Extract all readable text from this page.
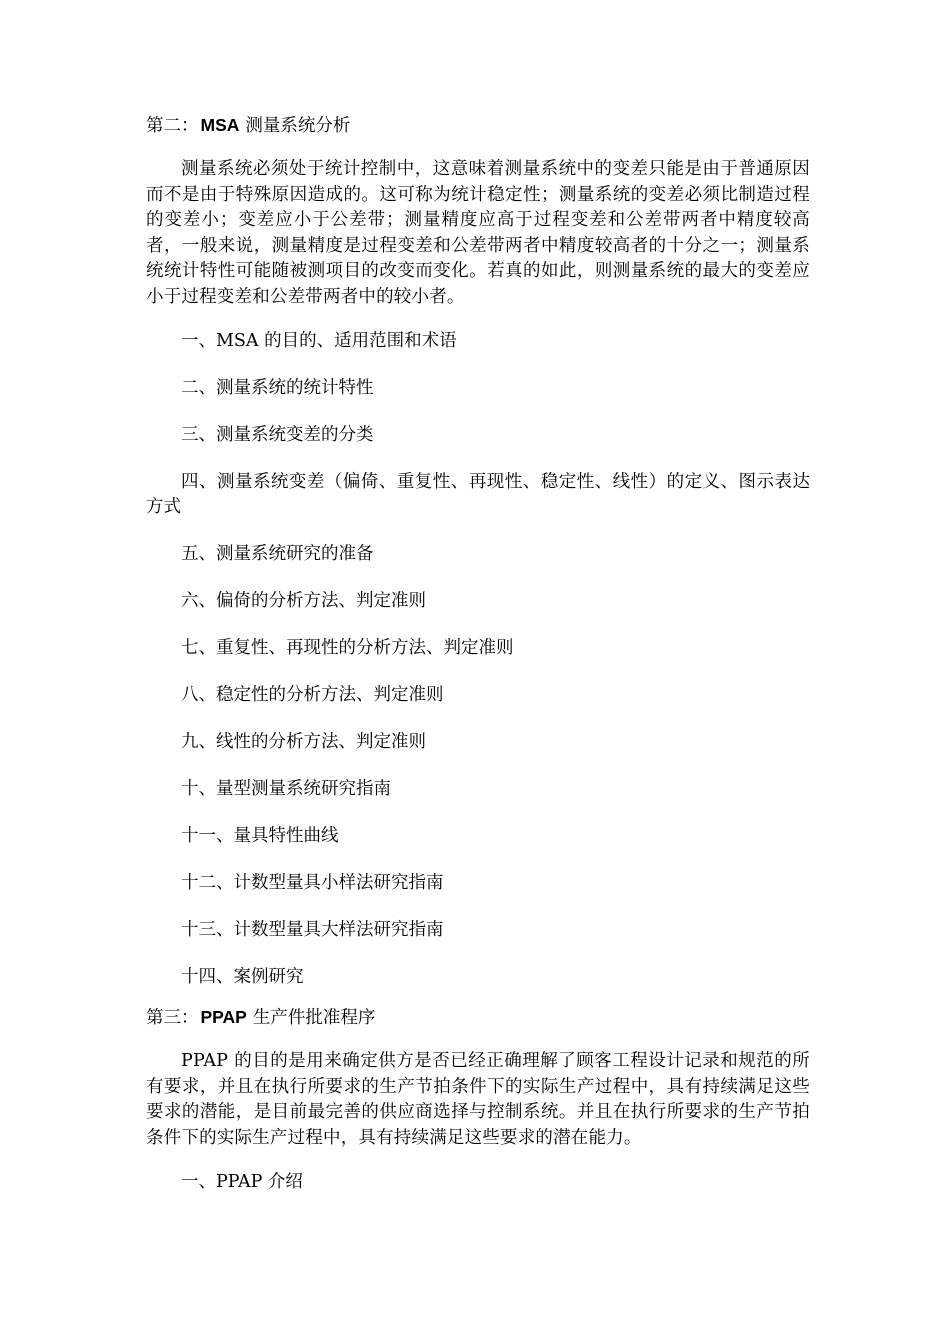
第二： MSA 测量系统分析

测量系统必须处于统计控制中，这意味着测量系统中的变差只能是由于普通原因而不是由于特殊原因造成的。这可称为统计稳定性；测量系统的变差必须比制造过程的变差小；变差应小于公差带；测量精度应高于过程变差和公差带两者中精度较高者，一般来说，测量精度是过程变差和公差带两者中精度较高者的十分之一；测量系统统计特性可能随被测项目的改变而变化。若真的如此，则测量系统的最大的变差应小于过程变差和公差带两者中的较小者。

一、MSA 的目的、适用范围和术语
二、测量系统的统计特性
三、测量系统变差的分类
四、测量系统变差（偏倚、重复性、再现性、稳定性、线性）的定义、图示表达方式
五、测量系统研究的准备
六、偏倚的分析方法、判定准则
七、重复性、再现性的分析方法、判定准则
八、稳定性的分析方法、判定准则
九、线性的分析方法、判定准则
十、量型测量系统研究指南
十一、量具特性曲线
十二、计数型量具小样法研究指南
十三、计数型量具大样法研究指南
十四、案例研究
第三： PPAP 生产件批准程序

PPAP 的目的是用来确定供方是否已经正确理解了顾客工程设计记录和规范的所有要求，并且在执行所要求的生产节拍条件下的实际生产过程中，具有持续满足这些要求的潜能，是目前最完善的供应商选择与控制系统。并且在执行所要求的生产节拍条件下的实际生产过程中，具有持续满足这些要求的潜在能力。

一、PPAP 介绍
